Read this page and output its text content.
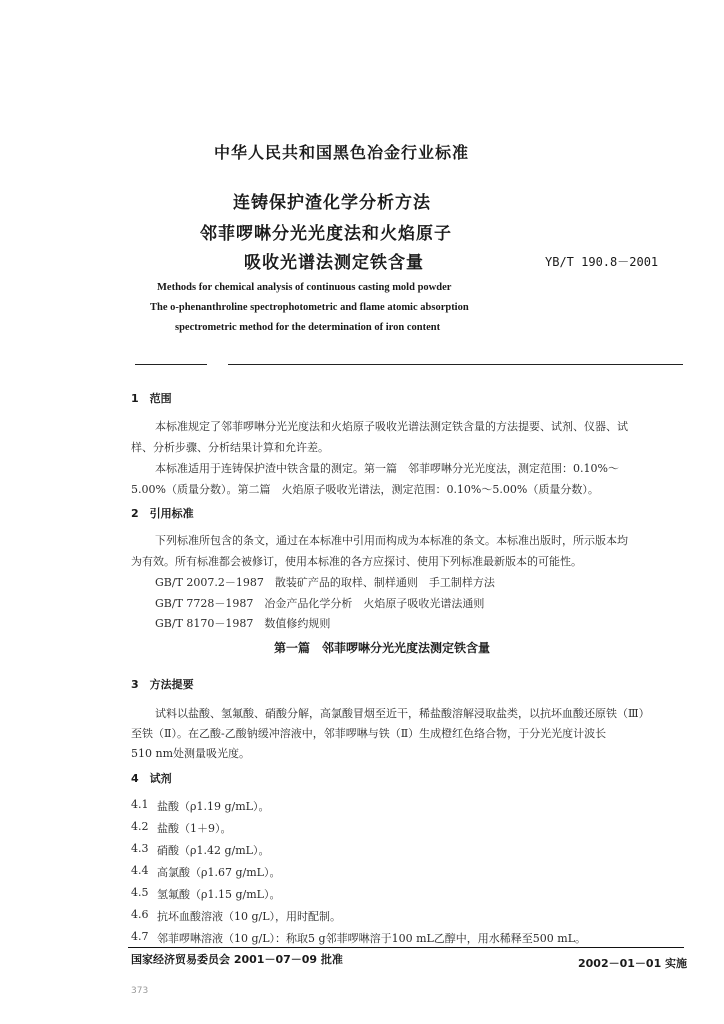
中华人民共和国黑色冶金行业标准
连铸保护渣化学分析方法
邻菲啰啉分光光度法和火焰原子
吸收光谱法测定铁含量	YB/T 190.8－2001
Methods for chemical analysis of continuous casting mold powder
The o-phenanthroline spectrophotometric and flame atomic absorption
spectrometric method for the determination of iron content
1　范围
本标准规定了邻菲啰啉分光光度法和火焰原子吸收光谱法测定铁含量的方法提要、试剂、仪器、试
样、分析步骤、分析结果计算和允许差。
本标准适用于连铸保护渣中铁含量的测定。第一篇　邻菲啰啉分光光度法，测定范围：0.10%～
5.00%（质量分数）。第二篇　火焰原子吸收光谱法，测定范围：0.10%～5.00%（质量分数）。
2　引用标准
下列标准所包含的条文，通过在本标准中引用而构成为本标准的条文。本标准出版时，所示版本均
为有效。所有标准都会被修订，使用本标准的各方应探讨、使用下列标准最新版本的可能性。
GB/T 2007.2－1987　散装矿产品的取样、制样通则　手工制样方法
GB/T 7728－1987　冶金产品化学分析　火焰原子吸收光谱法通则
GB/T 8170－1987　数值修约规则
第一篇　邻菲啰啉分光光度法测定铁含量
3　方法提要
试料以盐酸、氢氟酸、硝酸分解，高氯酸冒烟至近干，稀盐酸溶解浸取盐类，以抗坏血酸还原铁（Ⅲ）
至铁（Ⅱ）。在乙酸-乙酸钠缓冲溶液中，邻菲啰啉与铁（Ⅱ）生成橙红色络合物，于分光光度计波长
510 nm处测量吸光度。
4　试剂
4.1 盐酸（ρ1.19 g/mL）。
4.2 盐酸（1＋9）。
4.3 硝酸（ρ1.42 g/mL）。
4.4 高氯酸（ρ1.67 g/mL）。
4.5 氢氟酸（ρ1.15 g/mL）。
4.6 抗坏血酸溶液（10 g/L），用时配制。
4.7 邻菲啰啉溶液（10 g/L）：称取5 g邻菲啰啉溶于100 mL乙醇中，用水稀释至500 mL。
国家经济贸易委员会 2001－07－09 批准	2002－01－01 实施
373
